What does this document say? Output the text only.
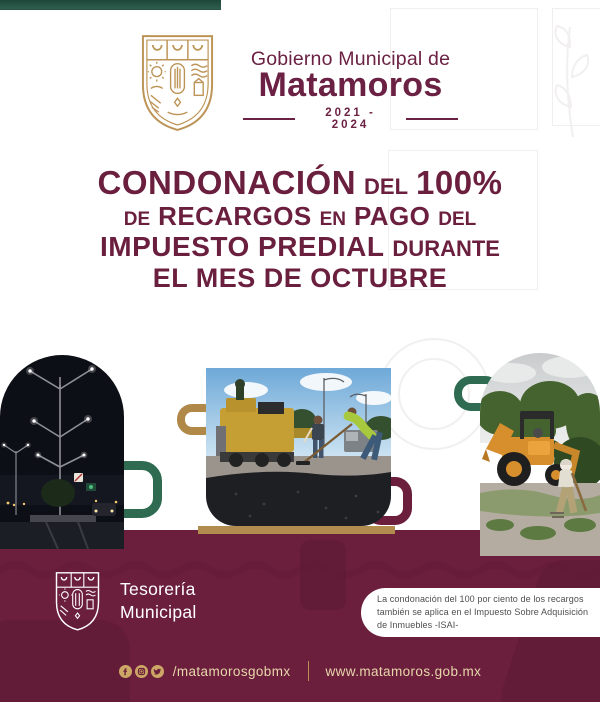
Gobierno Municipal de
Matamoros
2021 - 2024
CONDONACIÓN DEL 100%
DE RECARGOS EN PAGO DEL
IMPUESTO PREDIAL DURANTE
EL MES DE OCTUBRE
Tesorería
Municipal
La condonación del 100 por ciento de los recargos
también se aplica en el Impuesto Sobre Adquisición
de Inmuebles -ISAI-
/matamorosgobmx	www.matamoros.gob.mx
